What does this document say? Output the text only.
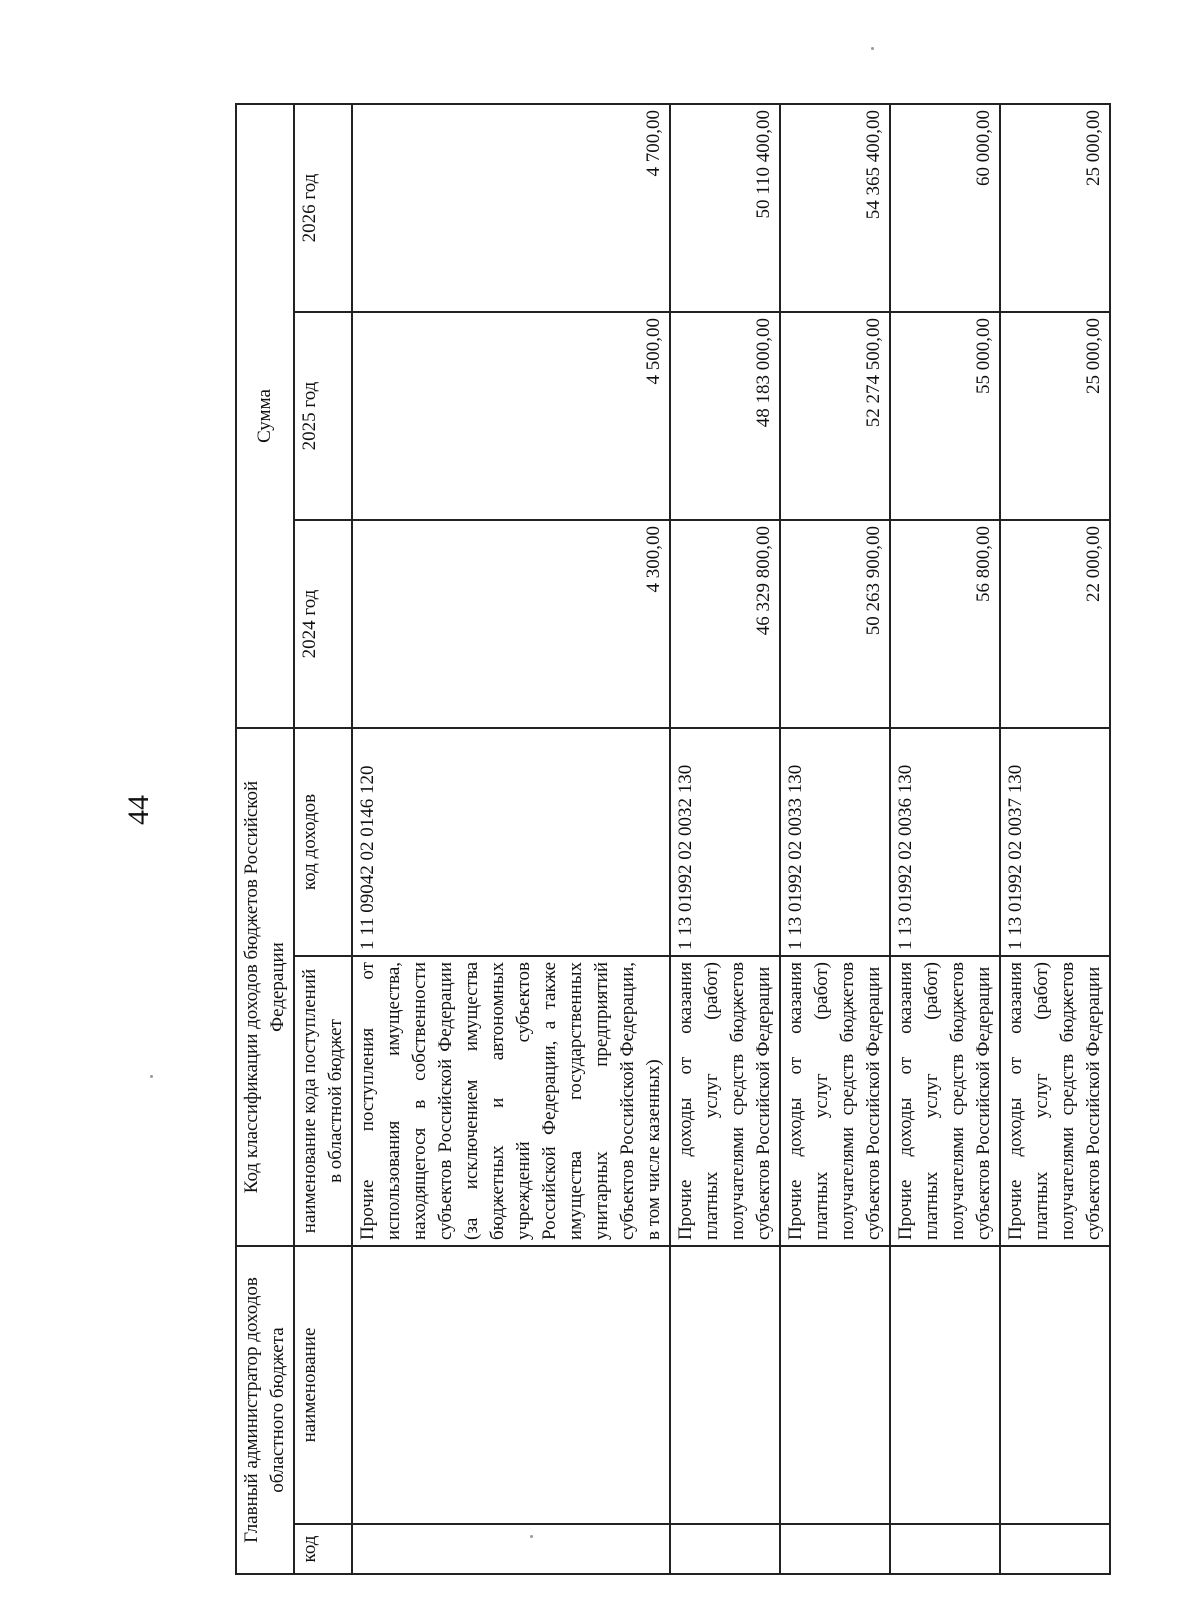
44
Главный администратор доходов областного бюджета		Код классификации доходов бюджетов Российской Федерации		Сумма		
код	наименование	наименование кода поступлений в областной бюджет	код доходов	2024 год	2025 год	2026 год
		Прочие поступления от использования имущества, находящегося в собственности субъектов Российской Федерации (за исключением имущества бюджетных и автономных учреждений субъектов Российской Федерации, а также имущества государственных унитарных предприятий субъектов Российской Федерации, в том числе казенных)	1 11 09042 02 0146 120	4 300,00	4 500,00	4 700,00
		Прочие доходы от оказания платных услуг (работ) получателями средств бюджетов субъектов Российской Федерации	1 13 01992 02 0032 130	46 329 800,00	48 183 000,00	50 110 400,00
		Прочие доходы от оказания платных услуг (работ) получателями средств бюджетов субъектов Российской Федерации	1 13 01992 02 0033 130	50 263 900,00	52 274 500,00	54 365 400,00
		Прочие доходы от оказания платных услуг (работ) получателями средств бюджетов субъектов Российской Федерации	1 13 01992 02 0036 130	56 800,00	55 000,00	60 000,00
		Прочие доходы от оказания платных услуг (работ) получателями средств бюджетов субъектов Российской Федерации	1 13 01992 02 0037 130	22 000,00	25 000,00	25 000,00
